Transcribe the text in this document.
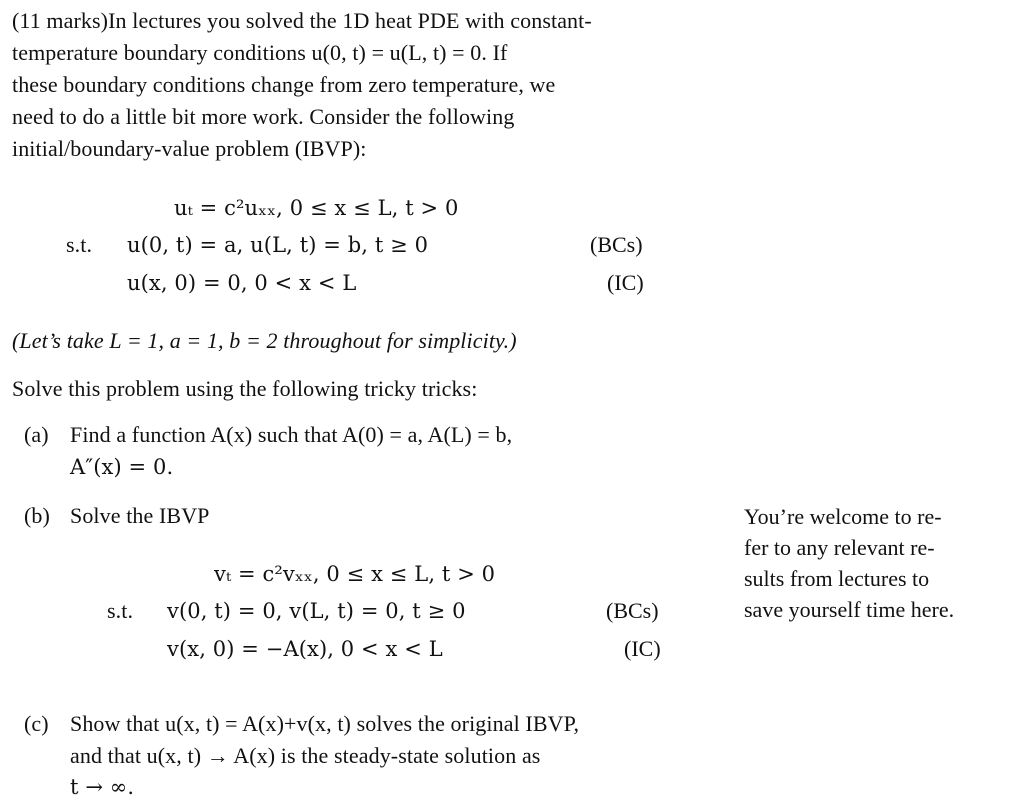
(11 marks)In lectures you solved the 1D heat PDE with constant-
temperature boundary conditions u(0, t) = u(L, t) = 0. If
these boundary conditions change from zero temperature, we
need to do a little bit more work. Consider the following
initial/boundary-value problem (IBVP):
uₜ = c²uₓₓ, 0 ≤ x ≤ L, t > 0
s.t. u(0, t) = a, u(L, t) = b, t ≥ 0	(BCs)
u(x, 0) = 0, 0 < x < L	(IC)
(Let’s take L = 1, a = 1, b = 2 throughout for simplicity.)
Solve this problem using the following tricky tricks:
(a) Find a function A(x) such that A(0) = a, A(L) = b,
A″(x) = 0.
(b) Solve the IBVP
vₜ = c²vₓₓ, 0 ≤ x ≤ L, t > 0
s.t. v(0, t) = 0, v(L, t) = 0, t ≥ 0	(BCs)
v(x, 0) = −A(x), 0 < x < L	(IC)
You’re welcome to re-
fer to any relevant re-
sults from lectures to
save yourself time here.
(c) Show that u(x, t) = A(x)+v(x, t) solves the original IBVP,
and that u(x, t) → A(x) is the steady-state solution as
t → ∞.
